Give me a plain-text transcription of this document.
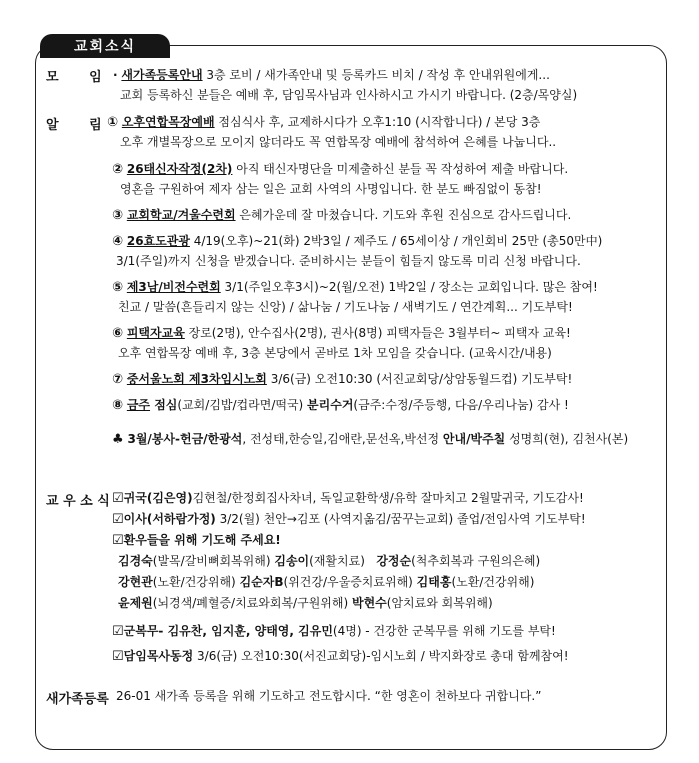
교회소식
모 임 · 새가족등록안내 3층 로비 / 새가족안내 및 등록카드 비치 / 작성 후 안내위원에게...
교회 등록하신 분들은 예배 후, 담임목사님과 인사하시고 가시기 바랍니다. (2층/목양실)
알 림 ① 오후연합목장예배 점심식사 후, 교제하시다가 오후1:10 (시작합니다) / 본당 3층
오후 개별목장으로 모이지 않더라도 꼭 연합목장 예배에 참석하여 은혜를 나눕니다..
② 26태신자작정(2차) 아직 태신자명단을 미제출하신 분들 꼭 작성하여 제출 바랍니다.
영혼을 구원하여 제자 삼는 일은 교회 사역의 사명입니다. 한 분도 빠짐없이 동참!
③ 교회학교/겨울수련회 은혜가운데 잘 마쳤습니다. 기도와 후원 진심으로 감사드립니다.
④ 26효도관광 4/19(오후)~21(화) 2박3일 / 제주도 / 65세이상 / 개인회비 25만 (총50만中)
3/1(주일)까지 신청을 받겠습니다. 준비하시는 분들이 힘들지 않도록 미리 신청 바랍니다.
⑤ 제3남/비전수련회 3/1(주일오후3시)~2(월/오전) 1박2일 / 장소는 교회입니다. 많은 참여!
친교 / 말씀(흔들리지 않는 신앙) / 삶나눔 / 기도나눔 / 새벽기도 / 연간계획... 기도부탁!
⑥ 피택자교육 장로(2명), 안수집사(2명), 권사(8명) 피택자들은 3월부터~ 피택자 교육!
오후 연합목장 예배 후, 3층 본당에서 곧바로 1차 모임을 갖습니다. (교육시간/내용)
⑦ 중서울노회 제3차임시노회 3/6(금) 오전10:30 (서진교회당/상암동월드컵) 기도부탁!
⑧ 금주 점심(교회/김밥/컵라면/떡국) 분리수거(금주:수정/주등행, 다음/우리나눔) 감사 !
♣ 3월/봉사-헌금/한광석, 전성태,한승일,김애란,문선옥,박선정 안내/박주칠 성명희(현), 김천사(본)
교 우 소 식 ☑귀국(김은영)김현철/한정회집사차녀, 독일교환학생/유학 잘마치고 2월말귀국, 기도감사!
☑이사(서하람가정) 3/2(월) 천안→김포 (사역지옮김/꿈꾸는교회) 졸업/전임사역 기도부탁!
☑환우들을 위해 기도해 주세요!
김경숙(발목/갈비뼈회복위해) 김송이(재활치료) 강정순(척추회복과 구원의은혜)
강현관(노환/건강위해) 김순자B(위건강/우울증치료위해) 김태홍(노환/건강위해)
윤제원(뇌경색/폐혈증/치료와회복/구원위해) 박현수(암치료와 회복위해)
☑군복무- 김유찬, 임지훈, 양태영, 김유민(4명) - 건강한 군복무를 위해 기도를 부탁!
☑담임목사동정 3/6(금) 오전10:30(서진교회당)-임시노회 / 박지화장로 총대 함께참여!
새가족등록 26-01 새가족 등록을 위해 기도하고 전도합시다. “한 영혼이 천하보다 귀합니다.”
